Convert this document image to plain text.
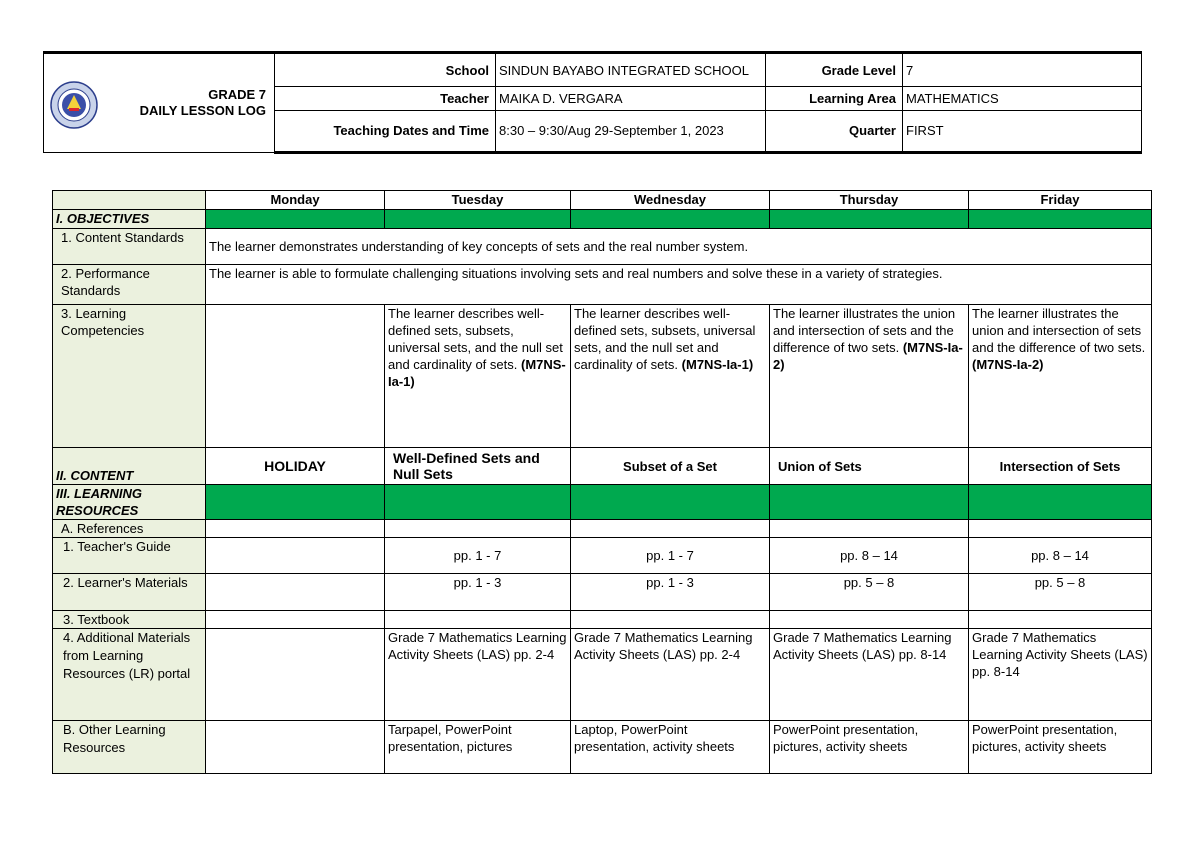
GRADE 7
DAILY LESSON LOG	School	SINDUN BAYABO INTEGRATED SCHOOL	Grade Level	7
	Teacher	MAIKA D. VERGARA	Learning Area	MATHEMATICS
	Teaching Dates and Time	8:30 – 9:30/Aug 29-September 1, 2023	Quarter	FIRST
	Monday	Tuesday	Wednesday	Thursday	Friday
I. OBJECTIVES					
1. Content Standards	The learner demonstrates understanding of key concepts of sets and the real number system.				
2. Performance Standards	The learner is able to formulate challenging situations involving sets and real numbers and solve these in a variety of strategies.				
3. Learning Competencies		The learner describes well-defined sets, subsets, universal sets, and the null set and cardinality of sets. (M7NS-Ia-1)	The learner describes well-defined sets, subsets, universal sets, and the null set and cardinality of sets. (M7NS-Ia-1)	The learner illustrates the union and intersection of sets and the difference of two sets. (M7NS-Ia-2)	The learner illustrates the union and intersection of sets and the difference of two sets. (M7NS-Ia-2)
II. CONTENT	HOLIDAY	Well-Defined Sets and Null Sets	Subset of a Set	Union of Sets	Intersection of Sets
III. LEARNING RESOURCES					
A. References					
1. Teacher's Guide		pp. 1 - 7	pp. 1 - 7	pp. 8 – 14	pp. 8 – 14
2. Learner's Materials		pp. 1 - 3	pp. 1 - 3	pp. 5 – 8	pp. 5 – 8
3. Textbook					
4. Additional Materials from Learning Resources (LR) portal		Grade 7 Mathematics Learning Activity Sheets (LAS) pp. 2-4	Grade 7 Mathematics Learning Activity Sheets (LAS) pp. 2-4	Grade 7 Mathematics Learning Activity Sheets (LAS) pp. 8-14	Grade 7 Mathematics Learning Activity Sheets (LAS) pp. 8-14
B. Other Learning Resources		Tarpapel, PowerPoint presentation, pictures	Laptop, PowerPoint presentation, activity sheets	PowerPoint presentation, pictures, activity sheets	PowerPoint presentation, pictures, activity sheets
